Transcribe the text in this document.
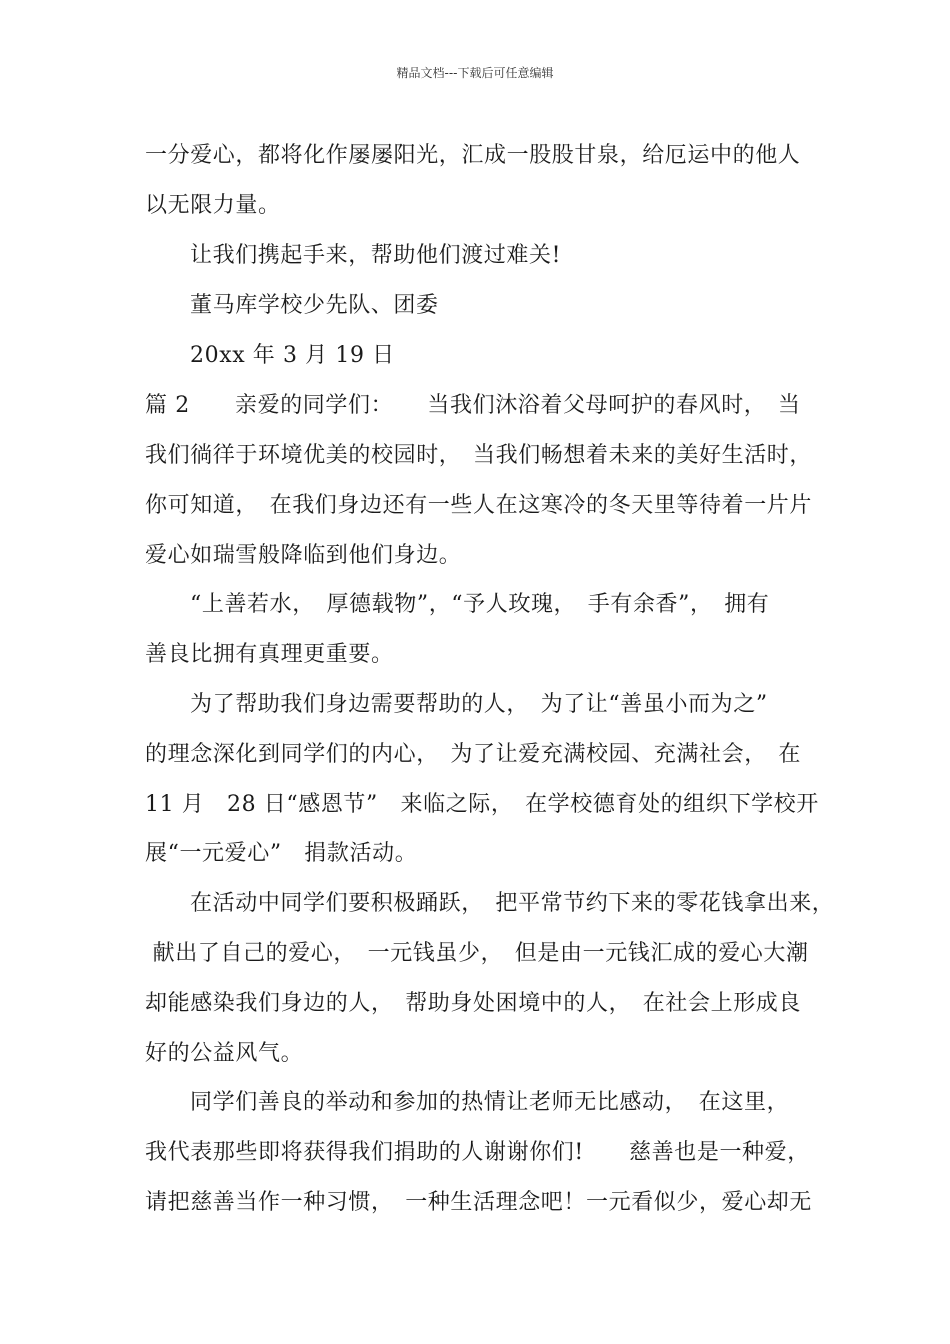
精品文档---下载后可任意编辑
一分爱心，都将化作屡屡阳光，汇成一股股甘泉，给厄运中的他人
以无限力量。
让我们携起手来，帮助他们渡过难关!
董马库学校少先队、团委
20xx 年 3 月 19 日
篇 2　　亲爱的同学们：　　当我们沐浴着父母呵护的春风时，　当
我们徜徉于环境优美的校园时，　当我们畅想着未来的美好生活时，
你可知道，　在我们身边还有一些人在这寒冷的冬天里等待着一片片
爱心如瑞雪般降临到他们身边。
“上善若水，　厚德载物”，“予人玫瑰，　手有余香”，　拥有
善良比拥有真理更重要。
为了帮助我们身边需要帮助的人，　为了让“善虽小而为之”
的理念深化到同学们的内心，　为了让爱充满校园、充满社会，　在
11 月　28 日“感恩节”　来临之际，　在学校德育处的组织下学校开
展“一元爱心”　捐款活动。
在活动中同学们要积极踊跃，　把平常节约下来的零花钱拿出来，
献出了自己的爱心，　一元钱虽少，　但是由一元钱汇成的爱心大潮
却能感染我们身边的人，　帮助身处困境中的人，　在社会上形成良
好的公益风气。
同学们善良的举动和参加的热情让老师无比感动，　在这里，
我代表那些即将获得我们捐助的人谢谢你们!　　慈善也是一种爱，
请把慈善当作一种习惯，　一种生活理念吧！一元看似少，爱心却无
